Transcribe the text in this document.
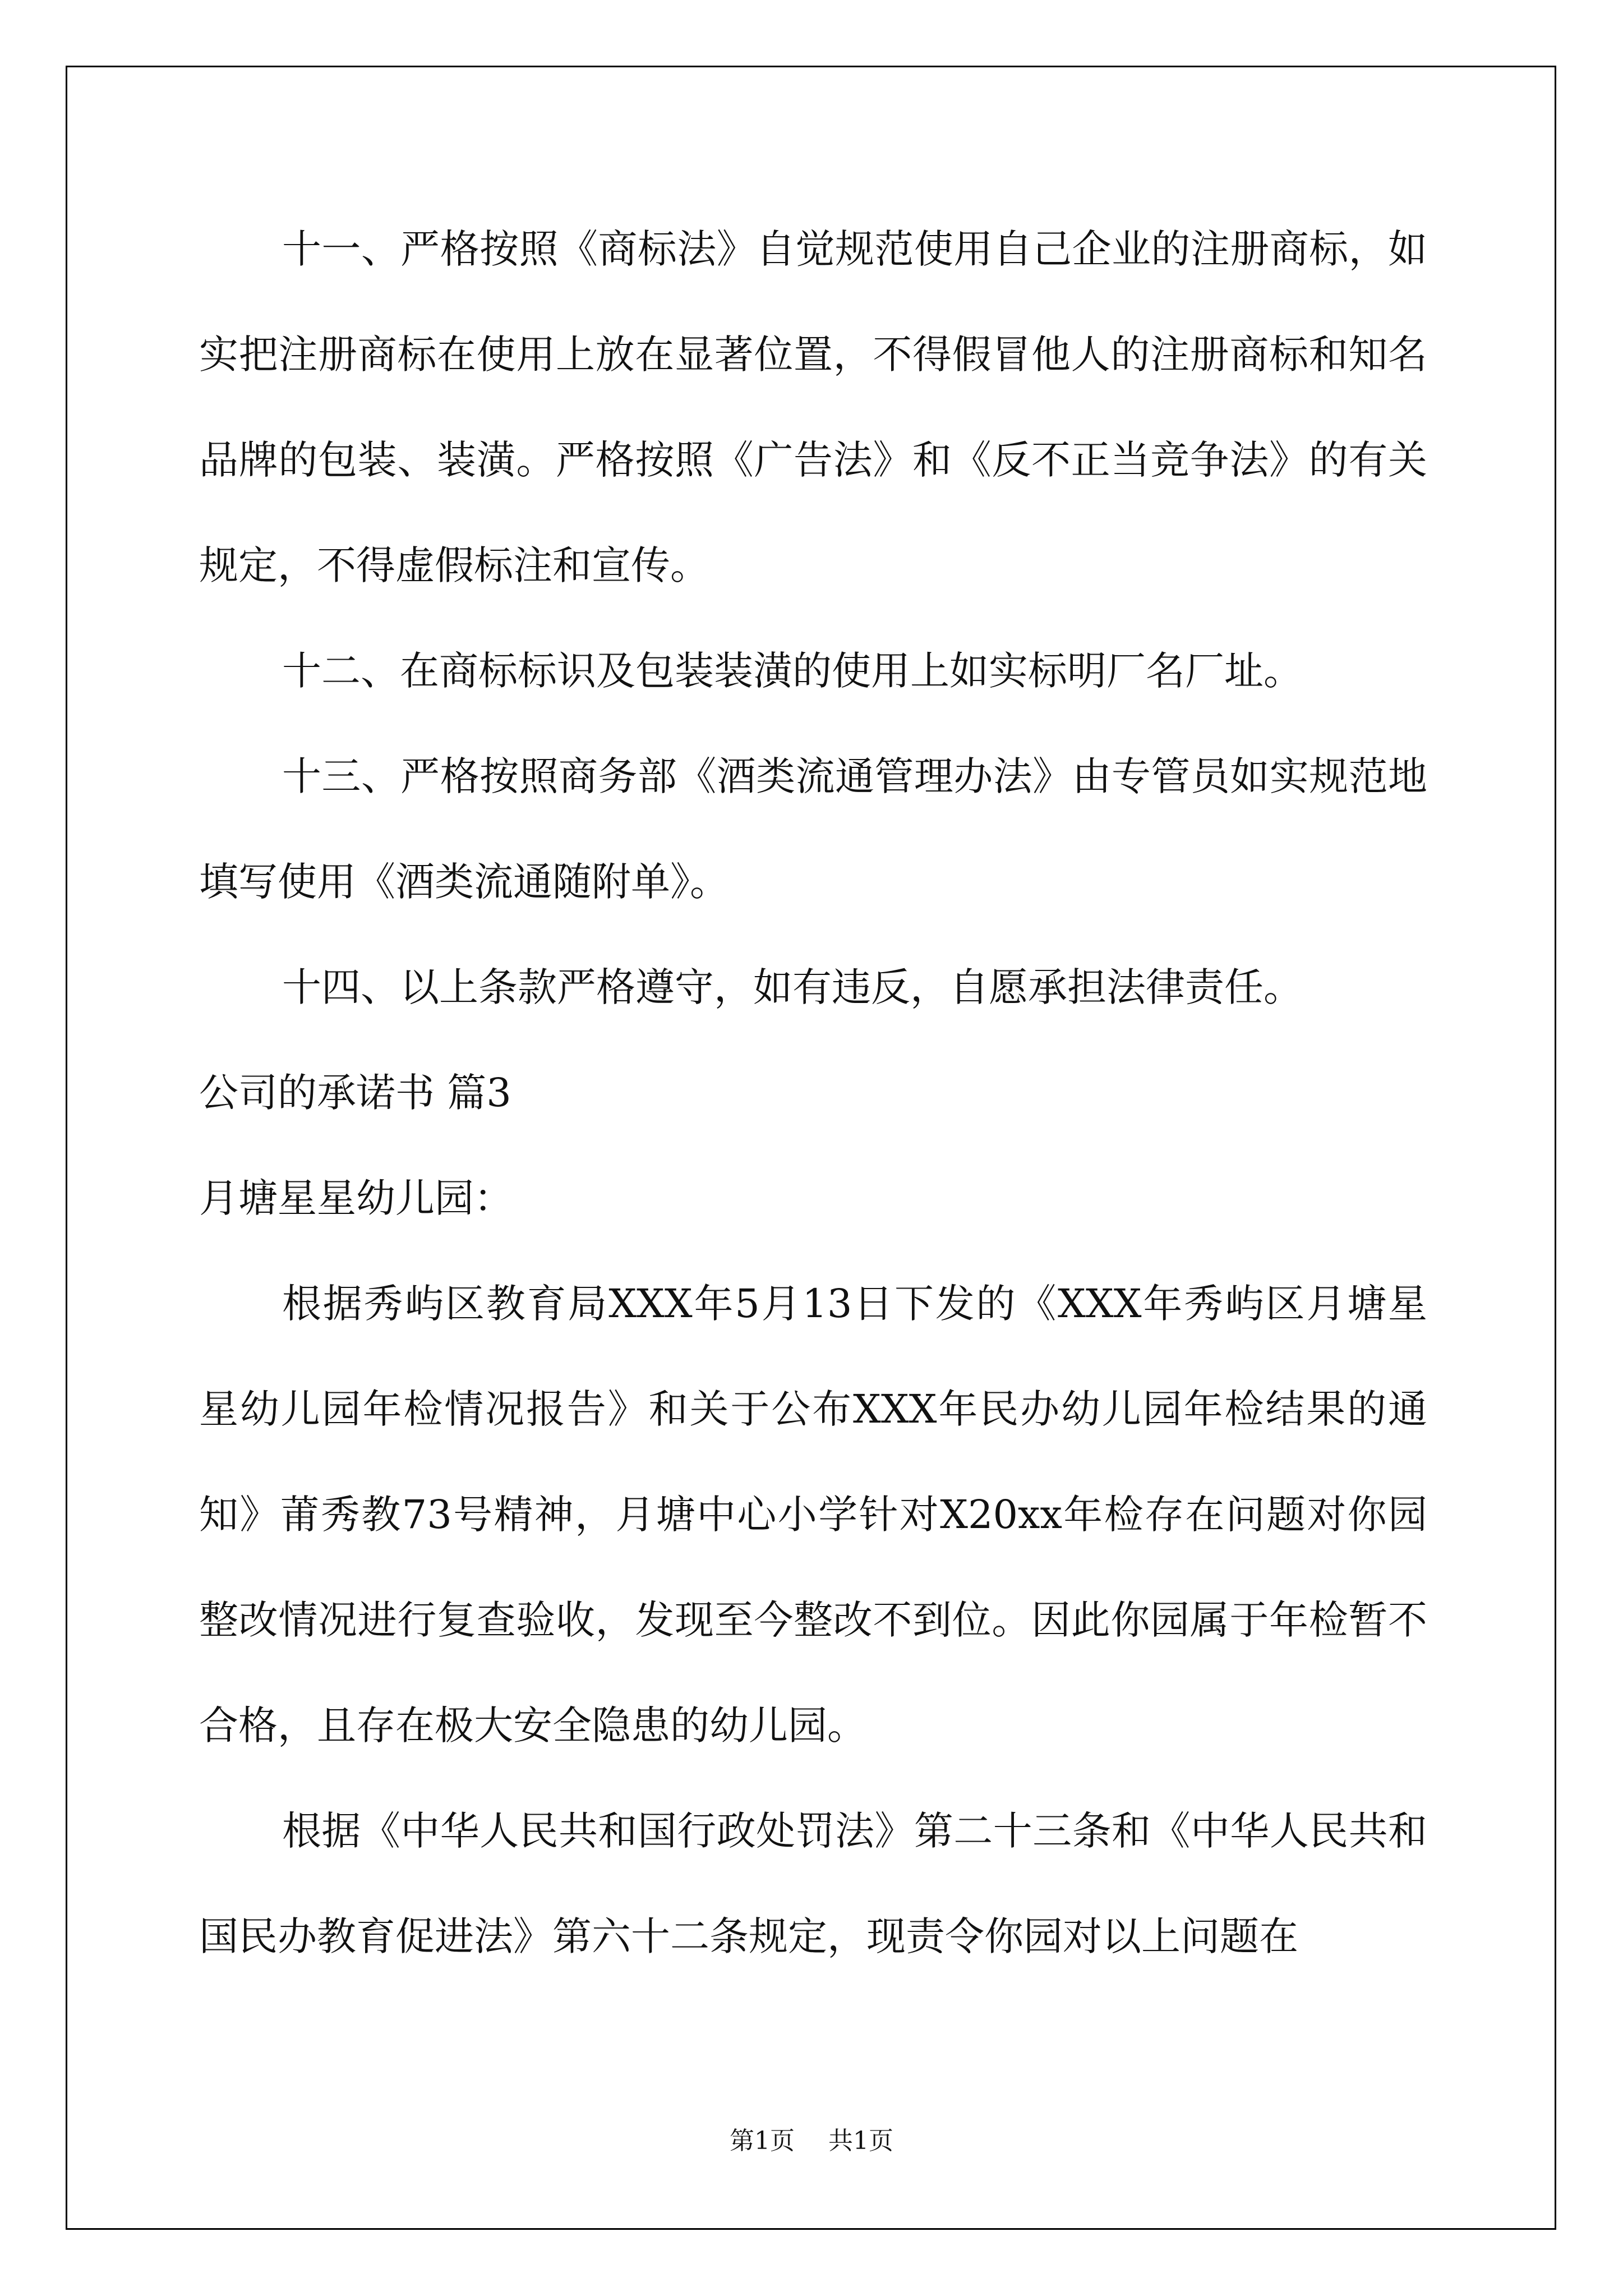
十一、严格按照《商标法》自觉规范使用自己企业的注册商标，如实把注册商标在使用上放在显著位置，不得假冒他人的注册商标和知名品牌的包装、装潢。严格按照《广告法》和《反不正当竞争法》的有关规定，不得虚假标注和宣传。

十二、在商标标识及包装装潢的使用上如实标明厂名厂址。

十三、严格按照商务部《酒类流通管理办法》由专管员如实规范地填写使用《酒类流通随附单》。

十四、以上条款严格遵守，如有违反，自愿承担法律责任。

公司的承诺书 篇3

月塘星星幼儿园：

根据秀屿区教育局XXX年5月13日下发的《XXX年秀屿区月塘星星幼儿园年检情况报告》和关于公布XXX年民办幼儿园年检结果的通知》莆秀教73号精神，月塘中心小学针对X20xx年检存在问题对你园整改情况进行复查验收，发现至今整改不到位。因此你园属于年检暂不合格，且存在极大安全隐患的幼儿园。

根据《中华人民共和国行政处罚法》第二十三条和《中华人民共和国民办教育促进法》第六十二条规定，现责令你园对以上问题在

第1页 共1页
